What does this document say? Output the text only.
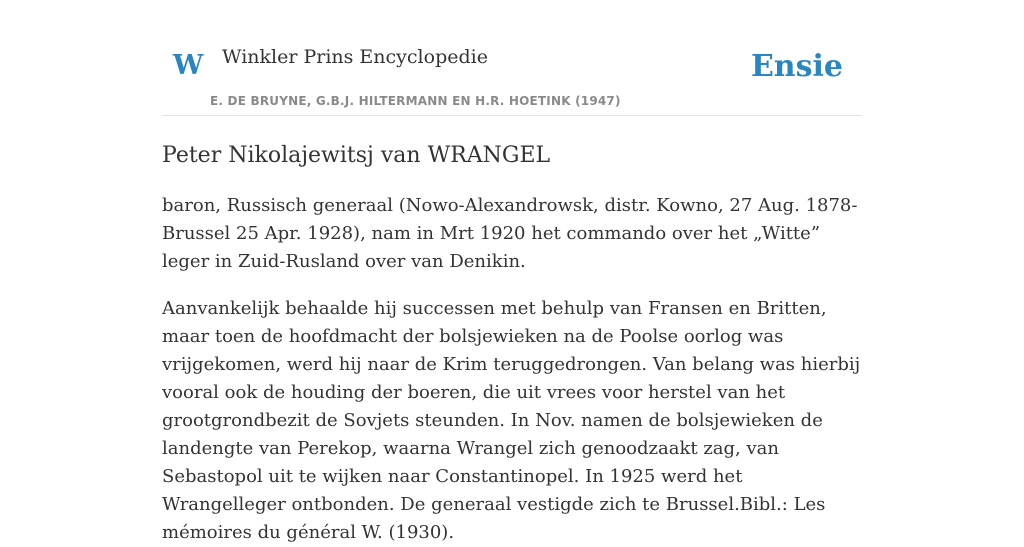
W Winkler Prins Encyclopedie
E. DE BRUYNE, G.B.J. HILTERMANN EN H.R. HOETINK (1947)
Ensie
Peter Nikolajewitsj van WRANGEL

baron, Russisch generaal (Nowo-Alexandrowsk, distr. Kowno, 27 Aug. 1878-Brussel 25 Apr. 1928), nam in Mrt 1920 het commando over het „Witte” leger in Zuid-Rusland over van Denikin.

Aanvankelijk behaalde hij successen met behulp van Fransen en Britten, maar toen de hoofdmacht der bolsjewieken na de Poolse oorlog was vrijgekomen, werd hij naar de Krim teruggedrongen. Van belang was hierbij vooral ook de houding der boeren, die uit vrees voor herstel van het grootgrondbezit de Sovjets steunden. In Nov. namen de bolsjewieken de landengte van Perekop, waarna Wrangel zich genoodzaakt zag, van Sebastopol uit te wijken naar Constantinopel. In 1925 werd het Wrangelleger ontbonden. De generaal vestigde zich te Brussel.Bibl.: Les mémoires du général W. (1930).
